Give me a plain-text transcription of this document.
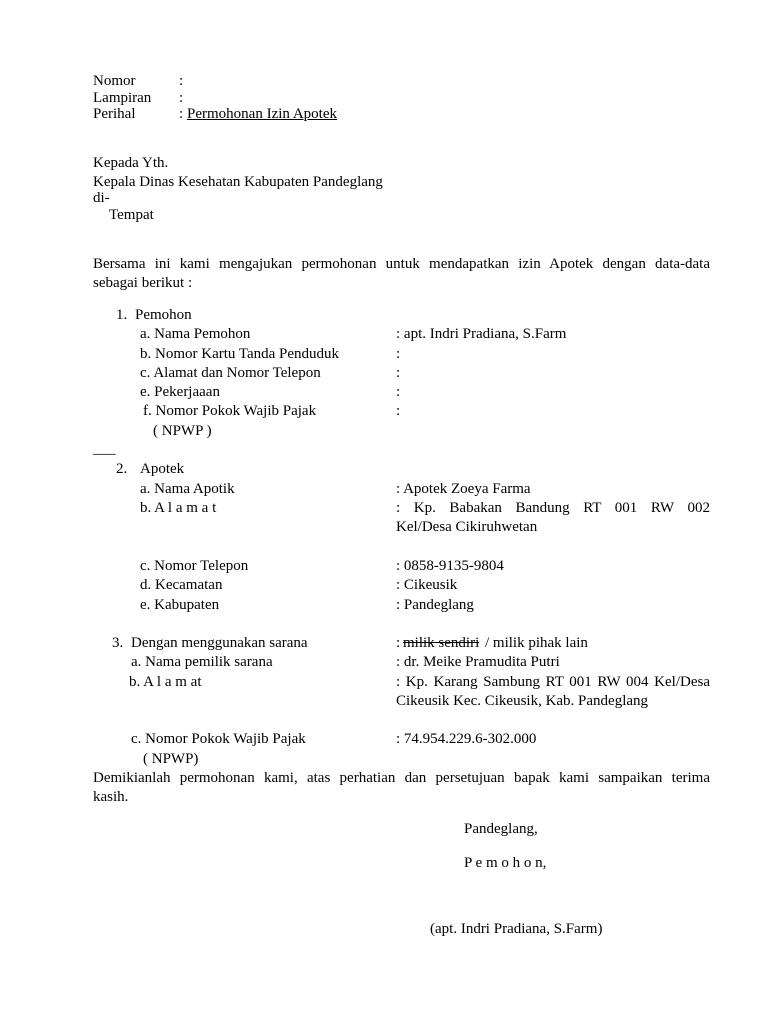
Nomor	:
Lampiran :
Perihal	: Permohonan Izin Apotek
Kepada Yth.
Kepala Dinas Kesehatan Kabupaten Pandeglang
di-
Tempat
Bersama ini kami mengajukan permohonan untuk mendapatkan izin Apotek dengan data-data
sebagai berikut :
1. Pemohon
a. Nama Pemohon	: apt. Indri Pradiana, S.Farm
b. Nomor Kartu Tanda Penduduk	:
c. Alamat dan Nomor Telepon	:
e. Pekerjaaan	:
f. Nomor Pokok Wajib Pajak	:
( NPWP )
___
2. Apotek
a. Nama Apotik	: Apotek Zoeya Farma
b. A l a m a t	: Kp. Babakan Bandung RT 001 RW 002
Kel/Desa Cikiruhwetan
c. Nomor Telepon	: 0858-9135-9804
d. Kecamatan	: Cikeusik
e. Kabupaten	: Pandeglang
3. Dengan menggunakan sarana	: milik sendiri / milik pihak lain
a. Nama pemilik sarana	: dr. Meike Pramudita Putri
b. A l a m at	: Kp. Karang Sambung RT 001 RW 004 Kel/Desa
Cikeusik Kec. Cikeusik, Kab. Pandeglang
c. Nomor Pokok Wajib Pajak	: 74.954.229.6-302.000
( NPWP)
Demikianlah permohonan kami, atas perhatian dan persetujuan bapak kami sampaikan terima
kasih.
Pandeglang,
P e m o h o n,
(apt. Indri Pradiana, S.Farm)
